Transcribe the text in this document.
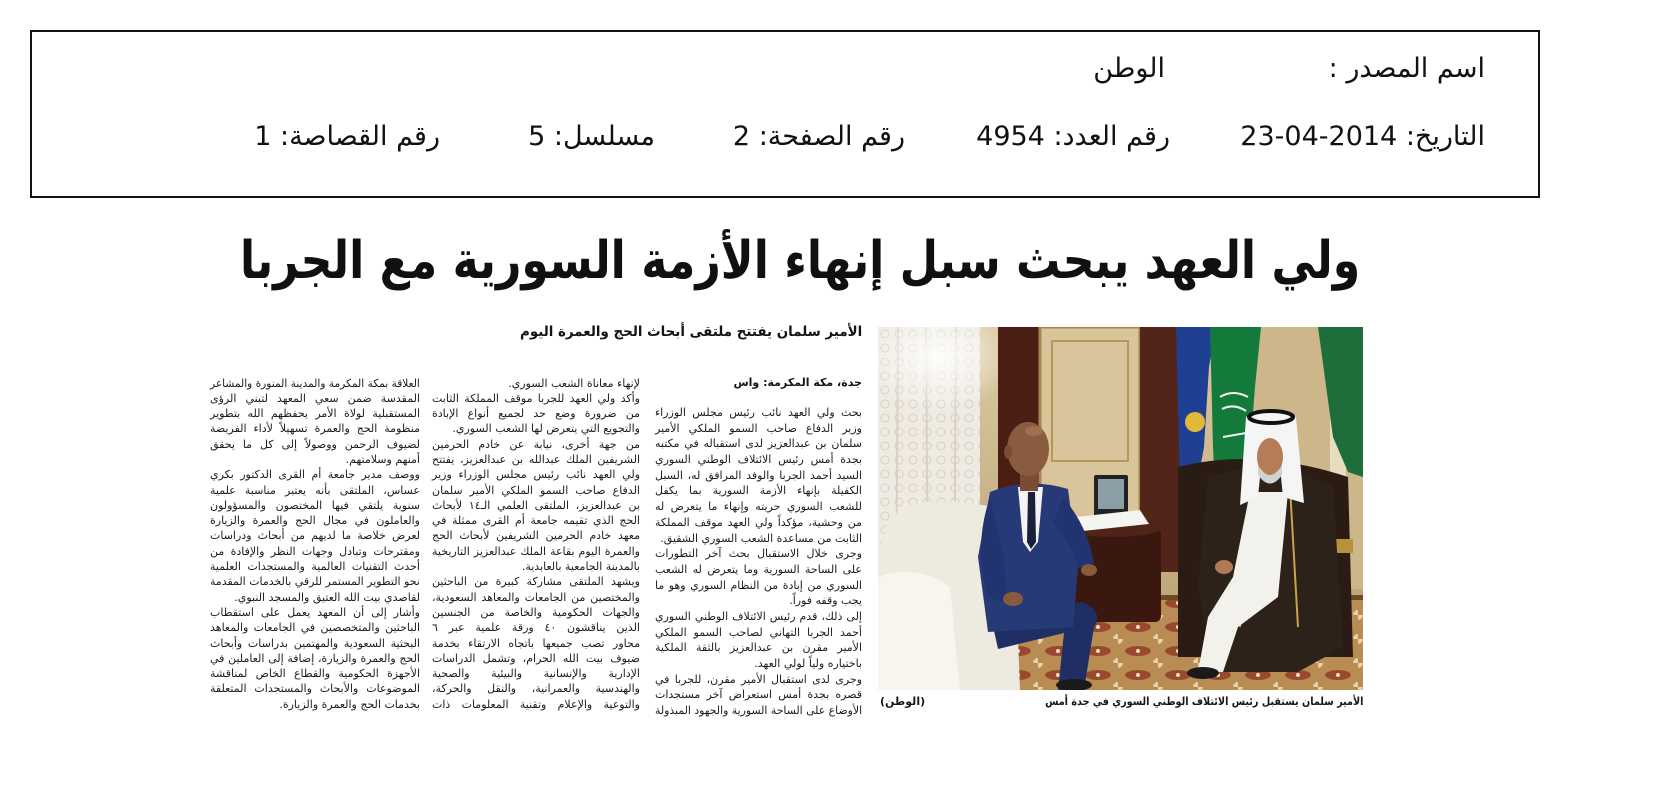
اسم المصدر :
الوطن
التاريخ: 2014-04-23
رقم العدد: 4954
رقم الصفحة: 2
مسلسل: 5
رقم القصاصة: 1
ولي العهد يبحث سبل إنهاء الأزمة السورية مع الجربا
الأمير سلمان يفتتح ملتقى أبحاث الحج والعمرة اليوم
الأمير سلمان يستقبل رئيس الائتلاف الوطني السوري في جدة أمس
(الوطن)
جدة، مكة المكرمة: واس
بحث ولي العهد نائب رئيس مجلس الوزراء
وزير الدفاع صاحب السمو الملكي الأمير
سلمان بن عبدالعزيز لدى استقباله في مكتبه
بجدة أمس رئيس الائتلاف الوطني السوري
السيد أحمد الجربا والوفد المرافق له، السبل
الكفيلة بإنهاء الأزمة السورية بما يكفل
للشعب السوري حريته وإنهاء ما يتعرض له
من وحشية، مؤكداً ولي العهد موقف المملكة
الثابت من مساعدة الشعب السوري الشقيق.
وجرى خلال الاستقبال بحث آخر التطورات
على الساحة السورية وما يتعرض له الشعب
السوري من إبادة من النظام السوري وهو ما
يجب وقفه فوراً.
إلى ذلك، قدم رئيس الائتلاف الوطني السوري
أحمد الجربا التهاني لصاحب السمو الملكي
الأمير مقرن بن عبدالعزيز بالثقة الملكية
باختياره ولياً لولي العهد.
وجرى لدى استقبال الأمير مقرن، للجربا في
قصره بجدة أمس استعراض آخر مستجدات
الأوضاع على الساحة السورية والجهود المبذولة
لإنهاء معاناة الشعب السوري.
وأكد ولي العهد للجربا موقف المملكة الثابت
من ضرورة وضع حد لجميع أنواع الإبادة
والتجويع التي يتعرض لها الشعب السوري.
من جهة أخرى، نيابة عن خادم الحرمين
الشريفين الملك عبدالله بن عبدالعزيز، يفتتح
ولي العهد نائب رئيس مجلس الوزراء وزير
الدفاع صاحب السمو الملكي الأمير سلمان
بن عبدالعزيز، الملتقى العلمي الـ١٤ لأبحاث
الحج الذي تقيمه جامعة أم القرى ممثلة في
معهد خادم الحرمين الشريفين لأبحاث الحج
والعمرة اليوم بقاعة الملك عبدالعزيز التاريخية
بالمدينة الجامعية بالعابدية.
ويشهد الملتقى مشاركة كبيرة من الباحثين
والمختصين من الجامعات والمعاهد السعودية،
والجهات الحكومية والخاصة من الجنسين
الذين يناقشون ٤٠ ورقة علمية عبر ٦
محاور تصب جميعها باتجاه الارتقاء بخدمة
ضيوف بيت الله الحرام، وتشمل الدراسات
الإدارية والإنسانية والبيئية والصحية
والهندسية والعمرانية، والنقل والحركة،
والتوعية والإعلام وتقنية المعلومات ذات
العلاقة بمكة المكرمة والمدينة المنورة والمشاعر
المقدسة ضمن سعي المعهد لتبني الرؤى
المستقبلية لولاة الأمر يحفظهم الله بتطوير
منظومة الحج والعمرة تسهيلاً لأداء الفريضة
لضيوف الرحمن ووصولاً إلى كل ما يحقق
أمنهم وسلامتهم.
ووصف مدير جامعة أم القرى الدكتور بكري
عساس، الملتقى بأنه يعتبر مناسبة علمية
سنوية يلتقي فيها المختصون والمسؤولون
والعاملون في مجال الحج والعمرة والزيارة
لعرض خلاصة ما لديهم من أبحاث ودراسات
ومقترحات وتبادل وجهات النظر والإفادة من
أحدث التقنيات العالمية والمستجدات العلمية
نحو التطوير المستمر للرقي بالخدمات المقدمة
لقاصدي بيت الله العتيق والمسجد النبوي.
وأشار إلى أن المعهد يعمل على استقطاب
الباحثين والمتخصصين في الجامعات والمعاهد
البحثية السعودية والمهتمين بدراسات وأبحاث
الحج والعمرة والزيارة، إضافة إلى العاملين في
الأجهزة الحكومية والقطاع الخاص لمناقشة
الموضوعات والأبحاث والمستجدات المتعلقة
بخدمات الحج والعمرة والزيارة.
